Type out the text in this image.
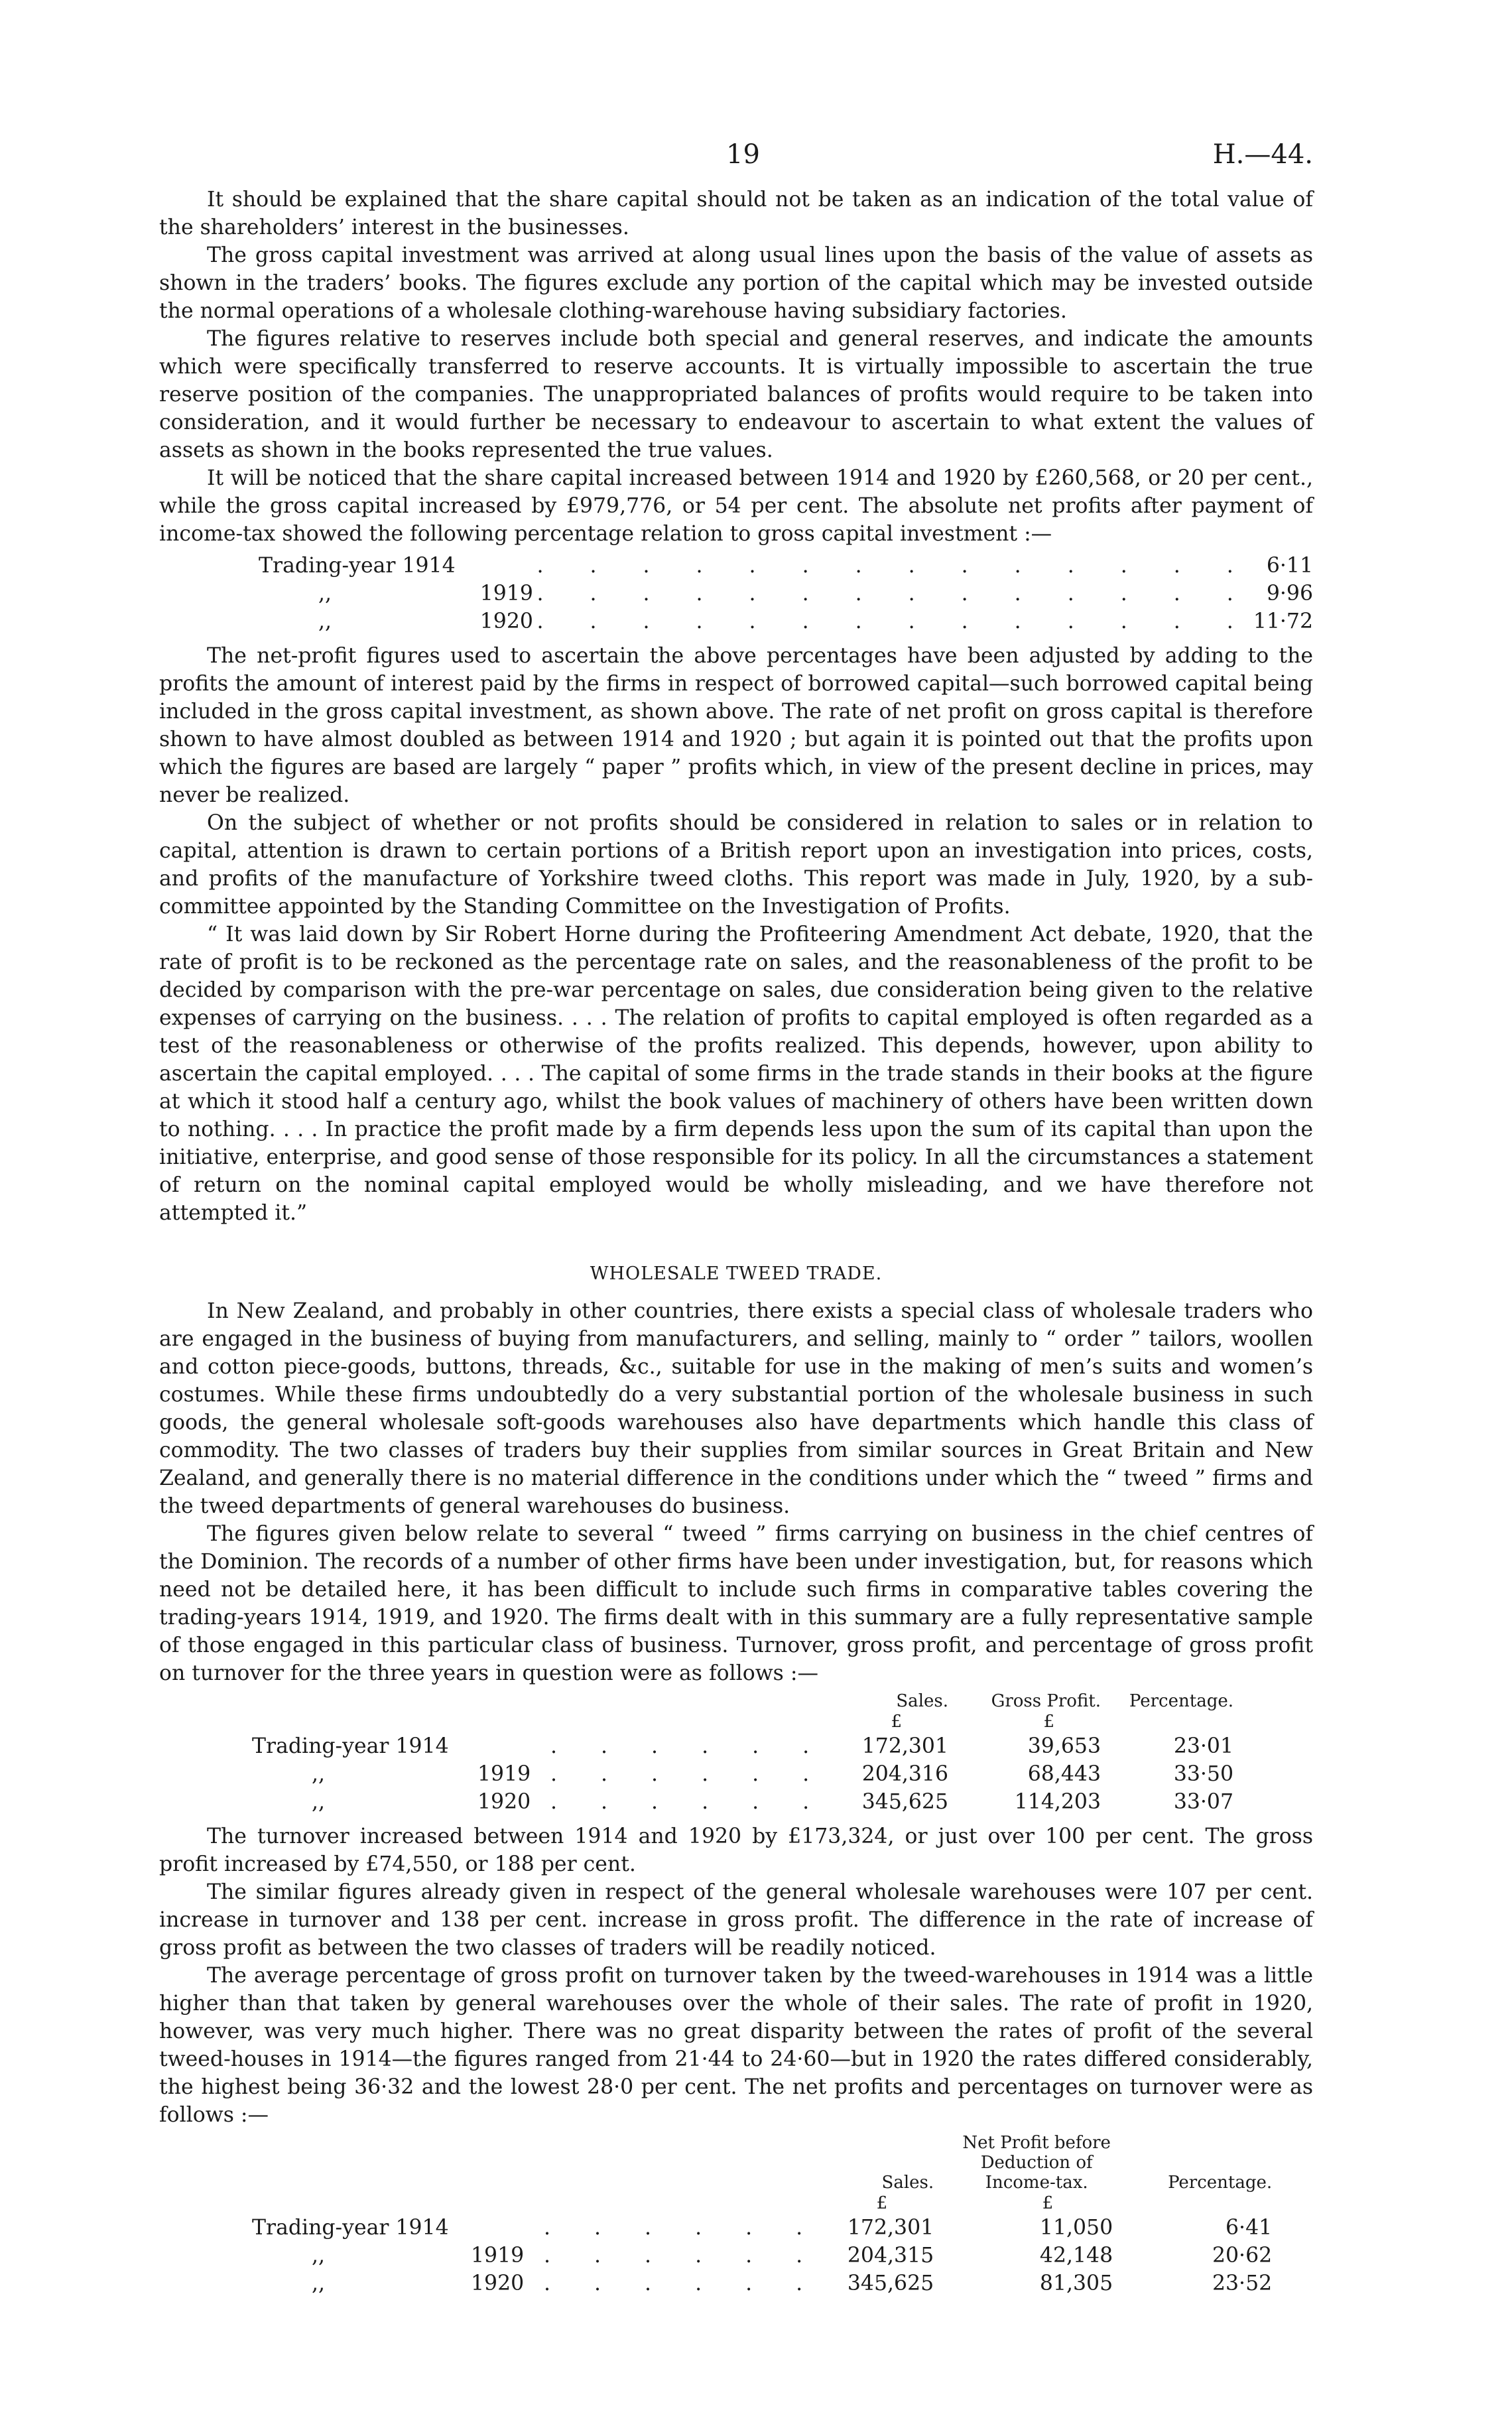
19	H.—44.

It should be explained that the share capital should not be taken as an indication of the total value of the shareholders’ interest in the businesses.

The gross capital investment was arrived at along usual lines upon the basis of the value of assets as shown in the traders’ books. The figures exclude any portion of the capital which may be invested outside the normal operations of a wholesale clothing-warehouse having subsidiary factories.

The figures relative to reserves include both special and general reserves, and indicate the amounts which were specifically transferred to reserve accounts. It is virtually impossible to ascertain the true reserve position of the companies. The unappropriated balances of profits would require to be taken into consideration, and it would further be necessary to endeavour to ascertain to what extent the values of assets as shown in the books represented the true values.

It will be noticed that the share capital increased between 1914 and 1920 by £260,568, or 20 per cent., while the gross capital increased by £979,776, or 54 per cent. The absolute net profits after payment of income-tax showed the following percentage relation to gross capital investment :—

Trading-year 1914		. . . . . . . . . . . . . .	6·11
,,	1919	. . . . . . . . . . . . . .	9·96
,,	1920	. . . . . . . . . . . . . .	11·72

The net-profit figures used to ascertain the above percentages have been adjusted by adding to the profits the amount of interest paid by the firms in respect of borrowed capital—such borrowed capital being included in the gross capital investment, as shown above. The rate of net profit on gross capital is therefore shown to have almost doubled as between 1914 and 1920 ; but again it is pointed out that the profits upon which the figures are based are largely “ paper ” profits which, in view of the present decline in prices, may never be realized.

On the subject of whether or not profits should be considered in relation to sales or in relation to capital, attention is drawn to certain portions of a British report upon an investigation into prices, costs, and profits of the manufacture of Yorkshire tweed cloths. This report was made in July, 1920, by a sub-committee appointed by the Standing Committee on the Investigation of Profits.

“ It was laid down by Sir Robert Horne during the Profiteering Amendment Act debate, 1920, that the rate of profit is to be reckoned as the percentage rate on sales, and the reasonableness of the profit to be decided by comparison with the pre-war percentage on sales, due consideration being given to the relative expenses of carrying on the business. . . . The relation of profits to capital employed is often regarded as a test of the reasonableness or otherwise of the profits realized. This depends, however, upon ability to ascertain the capital employed. . . . The capital of some firms in the trade stands in their books at the figure at which it stood half a century ago, whilst the book values of machinery of others have been written down to nothing. . . . In practice the profit made by a firm depends less upon the sum of its capital than upon the initiative, enterprise, and good sense of those responsible for its policy. In all the circumstances a statement of return on the nominal capital employed would be wholly misleading, and we have therefore not attempted it.”

WHOLESALE TWEED TRADE.

In New Zealand, and probably in other countries, there exists a special class of wholesale traders who are engaged in the business of buying from manufacturers, and selling, mainly to “ order ” tailors, woollen and cotton piece-goods, buttons, threads, &c., suitable for use in the making of men’s suits and women’s costumes. While these firms undoubtedly do a very substantial portion of the wholesale business in such goods, the general wholesale soft-goods warehouses also have departments which handle this class of commodity. The two classes of traders buy their supplies from similar sources in Great Britain and New Zealand, and generally there is no material difference in the conditions under which the “ tweed ” firms and the tweed departments of general warehouses do business.

The figures given below relate to several “ tweed ” firms carrying on business in the chief centres of the Dominion. The records of a number of other firms have been under investigation, but, for reasons which need not be detailed here, it has been difficult to include such firms in comparative tables covering the trading-years 1914, 1919, and 1920. The firms dealt with in this summary are a fully representative sample of those engaged in this particular class of business. Turnover, gross profit, and percentage of gross profit on turnover for the three years in question were as follows :—

			Sales.	Gross Profit.	Percentage.
			£	£	
Trading-year 1914		. . . . . .	172,301	39,653	23·01
,,	1919	. . . . . .	204,316	68,443	33·50
,,	1920	. . . . . .	345,625	114,203	33·07

The turnover increased between 1914 and 1920 by £173,324, or just over 100 per cent. The gross profit increased by £74,550, or 188 per cent.

The similar figures already given in respect of the general wholesale warehouses were 107 per cent. increase in turnover and 138 per cent. increase in gross profit. The difference in the rate of increase of gross profit as between the two classes of traders will be readily noticed.

The average percentage of gross profit on turnover taken by the tweed-warehouses in 1914 was a little higher than that taken by general warehouses over the whole of their sales. The rate of profit in 1920, however, was very much higher. There was no great disparity between the rates of profit of the several tweed-houses in 1914—the figures ranged from 21·44 to 24·60—but in 1920 the rates differed considerably, the highest being 36·32 and the lowest 28·0 per cent. The net profits and percentages on turnover were as follows :—

			Sales.	Net Profit before Deduction of Income-tax.	Percentage.
			£	£	
Trading-year 1914		. . . . . .	172,301	11,050	6·41
,,	1919	. . . . . .	204,315	42,148	20·62
,,	1920	. . . . . .	345,625	81,305	23·52
